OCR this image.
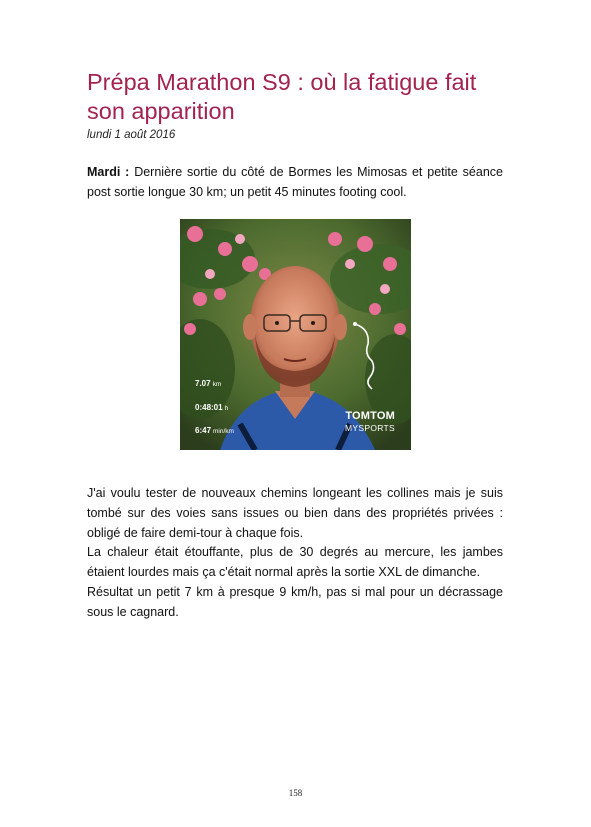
Prépa Marathon S9 : où la fatigue fait son apparition
lundi 1 août 2016

Mardi : Dernière sortie du côté de Bormes les Mimosas et petite séance post sortie longue 30 km; un petit 45 minutes footing cool.

7.07 km
0:48:01 h
6:47 min/km
TOMTOM
MYSPORTS

J'ai voulu tester de nouveaux chemins longeant les collines mais je suis tombé sur des voies sans issues ou bien dans des propriétés privées : obligé de faire demi-tour à chaque fois.
La chaleur était étouffante, plus de 30 degrés au mercure, les jambes étaient lourdes mais ça c'était normal après la sortie XXL de dimanche.
Résultat un petit 7 km à presque 9 km/h, pas si mal pour un décrassage sous le cagnard.

158
